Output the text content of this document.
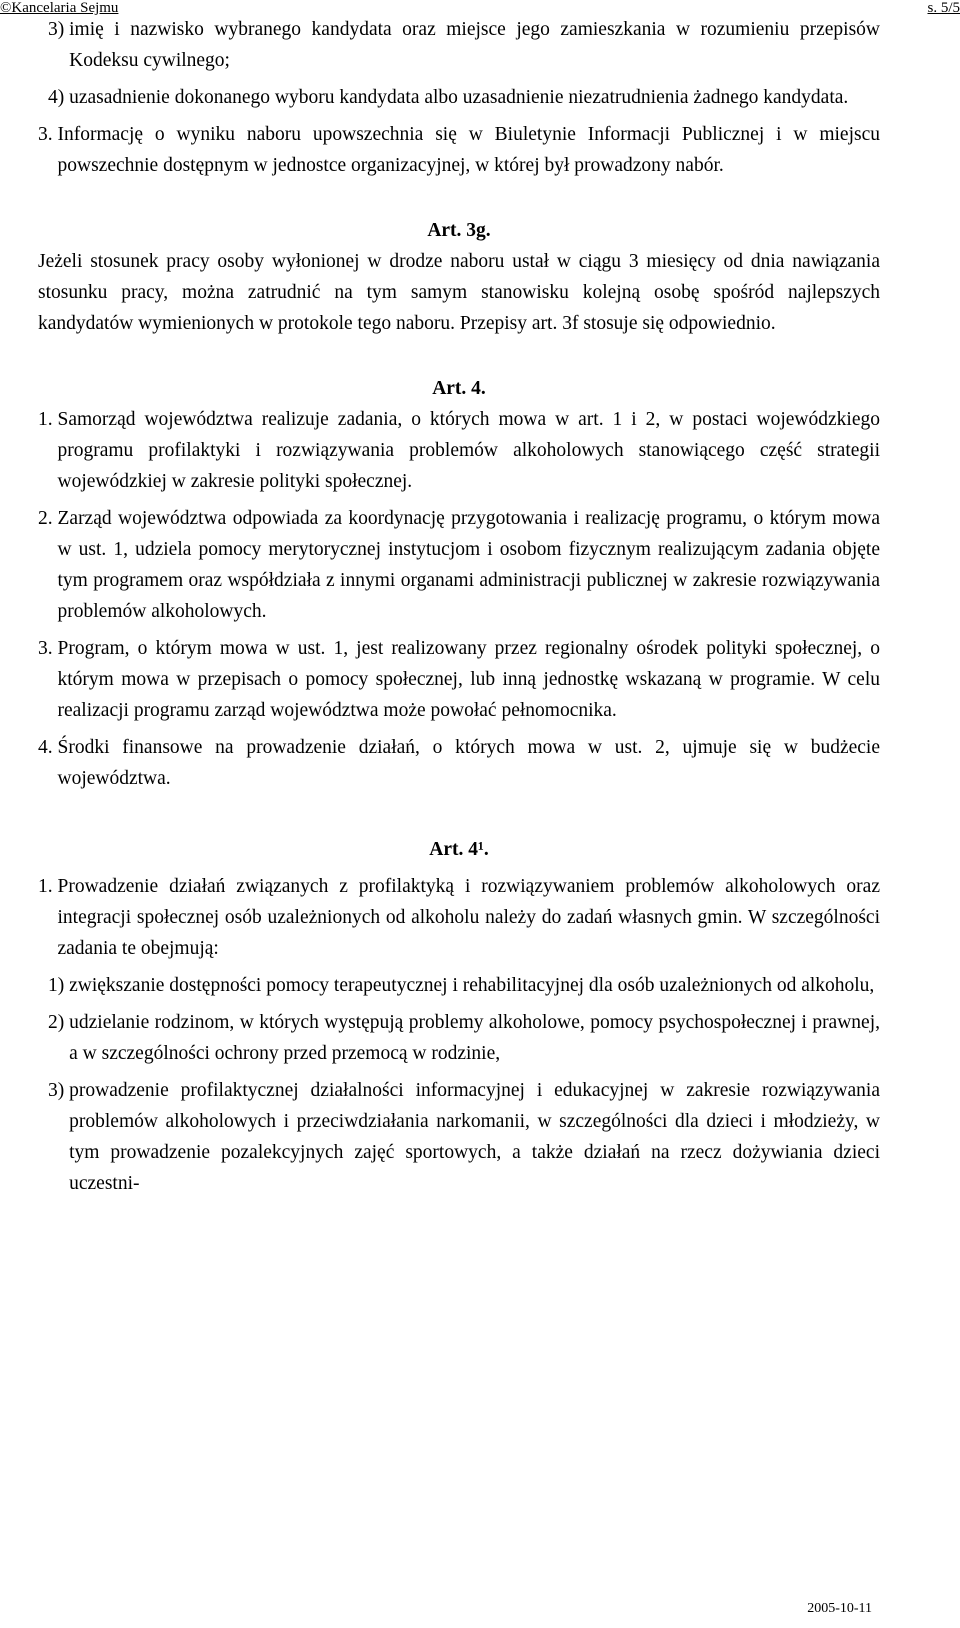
©Kancelaria Sejmu	s. 5/5
3) imię i nazwisko wybranego kandydata oraz miejsce jego zamieszkania w rozumieniu przepisów Kodeksu cywilnego;
4) uzasadnienie dokonanego wyboru kandydata albo uzasadnienie niezatrudnienia żadnego kandydata.
3. Informację o wyniku naboru upowszechnia się w Biuletynie Informacji Publicznej i w miejscu powszechnie dostępnym w jednostce organizacyjnej, w której był prowadzony nabór.
Art. 3g.

Jeżeli stosunek pracy osoby wyłonionej w drodze naboru ustał w ciągu 3 miesięcy od dnia nawiązania stosunku pracy, można zatrudnić na tym samym stanowisku kolejną osobę spośród najlepszych kandydatów wymienionych w protokole tego naboru. Przepisy art. 3f stosuje się odpowiednio.

Art. 4.
1. Samorząd województwa realizuje zadania, o których mowa w art. 1 i 2, w postaci wojewódzkiego programu profilaktyki i rozwiązywania problemów alkoholowych stanowiącego część strategii wojewódzkiej w zakresie polityki społecznej.
2. Zarząd województwa odpowiada za koordynację przygotowania i realizację programu, o którym mowa w ust. 1, udziela pomocy merytorycznej instytucjom i osobom fizycznym realizującym zadania objęte tym programem oraz współdziała z innymi organami administracji publicznej w zakresie rozwiązywania problemów alkoholowych.
3. Program, o którym mowa w ust. 1, jest realizowany przez regionalny ośrodek polityki społecznej, o którym mowa w przepisach o pomocy społecznej, lub inną jednostkę wskazaną w programie. W celu realizacji programu zarząd województwa może powołać pełnomocnika.
4. Środki finansowe na prowadzenie działań, o których mowa w ust. 2, ujmuje się w budżecie województwa.
Art. 4¹.
1. Prowadzenie działań związanych z profilaktyką i rozwiązywaniem problemów alkoholowych oraz integracji społecznej osób uzależnionych od alkoholu należy do zadań własnych gmin. W szczególności zadania te obejmują:
1) zwiększanie dostępności pomocy terapeutycznej i rehabilitacyjnej dla osób uzależnionych od alkoholu,
2) udzielanie rodzinom, w których występują problemy alkoholowe, pomocy psychospołecznej i prawnej, a w szczególności ochrony przed przemocą w rodzinie,
3) prowadzenie profilaktycznej działalności informacyjnej i edukacyjnej w zakresie rozwiązywania problemów alkoholowych i przeciwdziałania narkomanii, w szczególności dla dzieci i młodzieży, w tym prowadzenie pozalekcyjnych zajęć sportowych, a także działań na rzecz dożywiania dzieci uczestni-
2005-10-11
